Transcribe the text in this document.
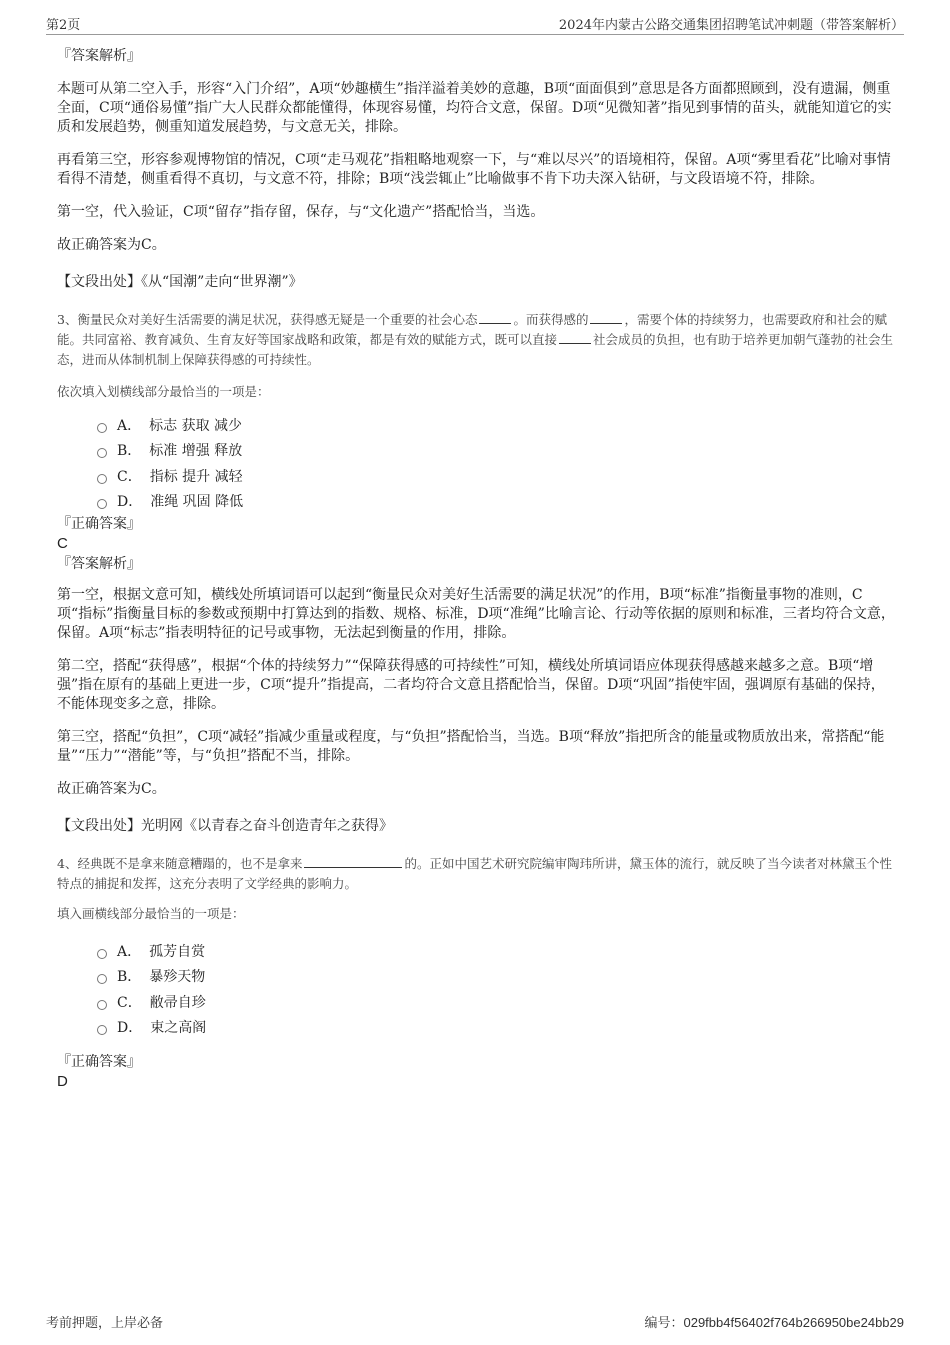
第2页	2024年内蒙古公路交通集团招聘笔试冲刺题（带答案解析）

『答案解析』

本题可从第二空入手，形容“入门介绍”，A项“妙趣横生”指洋溢着美妙的意趣，B项“面面俱到”意思是各方面都照顾到，没有遗漏，侧重全面，C项“通俗易懂”指广大人民群众都能懂得，体现容易懂，均符合文意，保留。D项“见微知著”指见到事情的苗头，就能知道它的实质和发展趋势，侧重知道发展趋势，与文意无关，排除。

再看第三空，形容参观博物馆的情况，C项“走马观花”指粗略地观察一下，与“难以尽兴”的语境相符，保留。A项“雾里看花”比喻对事情看得不清楚，侧重看得不真切，与文意不符，排除；B项“浅尝辄止”比喻做事不肯下功夫深入钻研，与文段语境不符，排除。

第一空，代入验证，C项“留存”指存留，保存，与“文化遗产”搭配恰当，当选。

故正确答案为C。

【文段出处】《从“国潮”走向“世界潮”》

3、衡量民众对美好生活需要的满足状况，获得感无疑是一个重要的社会心态	。而获得感的	，需要个体的持续努力，也需要政府和社会的赋能。共同富裕、教育减负、生育友好等国家战略和政策，都是有效的赋能方式，既可以直接	社会成员的负担，也有助于培养更加朝气蓬勃的社会生态，进而从体制机制上保障获得感的可持续性。

依次填入划横线部分最恰当的一项是：

A． 标志 获取 减少
B． 标准 增强 释放
C． 指标 提升 减轻
D． 准绳 巩固 降低

『正确答案』

C

『答案解析』

第一空，根据文意可知，横线处所填词语可以起到“衡量民众对美好生活需要的满足状况”的作用，B项“标准”指衡量事物的准则，C项“指标”指衡量目标的参数或预期中打算达到的指数、规格、标准，D项“准绳”比喻言论、行动等依据的原则和标准，三者均符合文意，保留。A项“标志”指表明特征的记号或事物，无法起到衡量的作用，排除。

第二空，搭配“获得感”，根据“个体的持续努力”“保障获得感的可持续性”可知，横线处所填词语应体现获得感越来越多之意。B项“增强”指在原有的基础上更进一步，C项“提升”指提高，二者均符合文意且搭配恰当，保留。D项“巩固”指使牢固，强调原有基础的保持，不能体现变多之意，排除。

第三空，搭配“负担”，C项“减轻”指减少重量或程度，与“负担”搭配恰当，当选。B项“释放”指把所含的能量或物质放出来，常搭配“能量”“压力”“潜能”等，与“负担”搭配不当，排除。

故正确答案为C。

【文段出处】光明网《以青春之奋斗创造青年之获得》

4、经典既不是拿来随意糟蹋的，也不是拿来	的。正如中国艺术研究院编审陶玮所讲，黛玉体的流行，就反映了当今读者对林黛玉个性特点的捕捉和发挥，这充分表明了文学经典的影响力。

填入画横线部分最恰当的一项是：

A． 孤芳自赏
B． 暴殄天物
C． 敝帚自珍
D． 束之高阁

『正确答案』

D

考前押题，上岸必备	编号：029fbb4f56402f764b266950be24bb29
